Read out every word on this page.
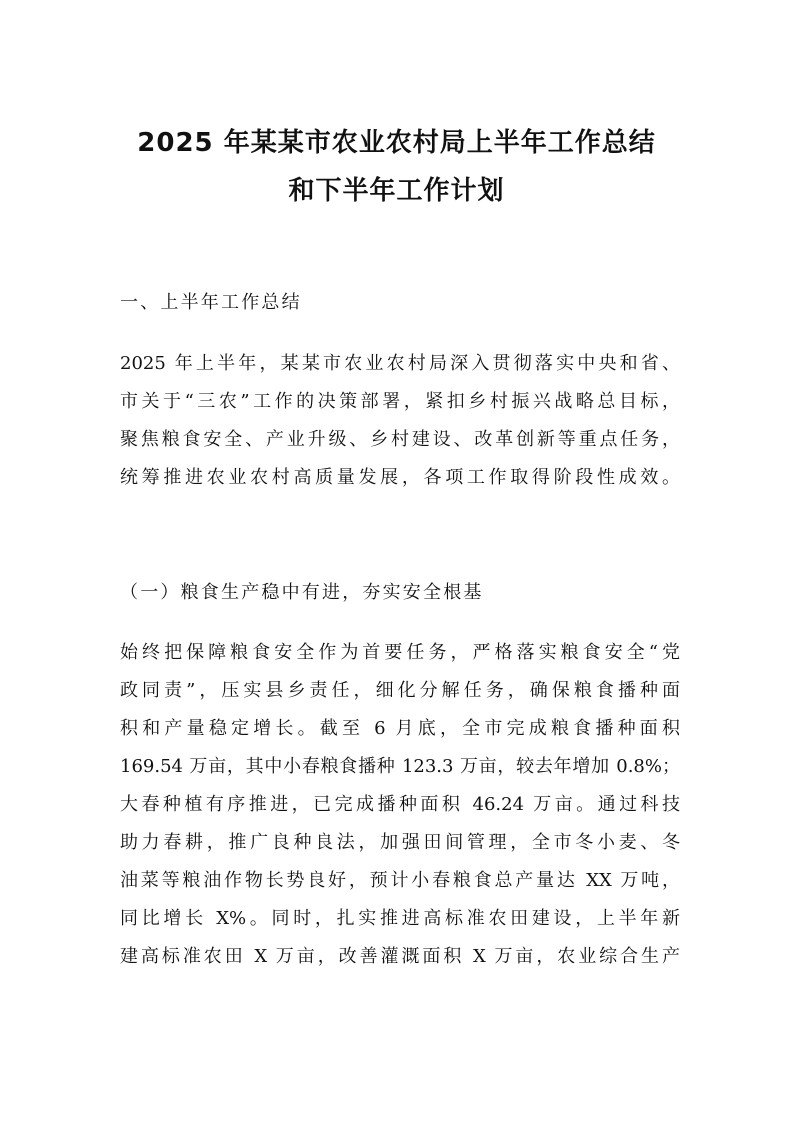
2025 年某某市农业农村局上半年工作总结
和下半年工作计划

一、上半年工作总结

2025 年上半年，某某市农业农村局深入贯彻落实中央和省、
市关于“三农”工作的决策部署，紧扣乡村振兴战略总目标，
聚焦粮食安全、产业升级、乡村建设、改革创新等重点任务，
统筹推进农业农村高质量发展，各项工作取得阶段性成效。

（一）粮食生产稳中有进，夯实安全根基

始终把保障粮食安全作为首要任务，严格落实粮食安全“党
政同责”，压实县乡责任，细化分解任务，确保粮食播种面
积和产量稳定增长。截至 6 月底，全市完成粮食播种面积
169.54 万亩，其中小春粮食播种 123.3 万亩，较去年增加 0.8%；
大春种植有序推进，已完成播种面积 46.24 万亩。通过科技
助力春耕，推广良种良法，加强田间管理，全市冬小麦、冬
油菜等粮油作物长势良好，预计小春粮食总产量达 XX 万吨，
同比增长 X%。同时，扎实推进高标准农田建设，上半年新
建高标准农田 X 万亩，改善灌溉面积 X 万亩，农业综合生产
